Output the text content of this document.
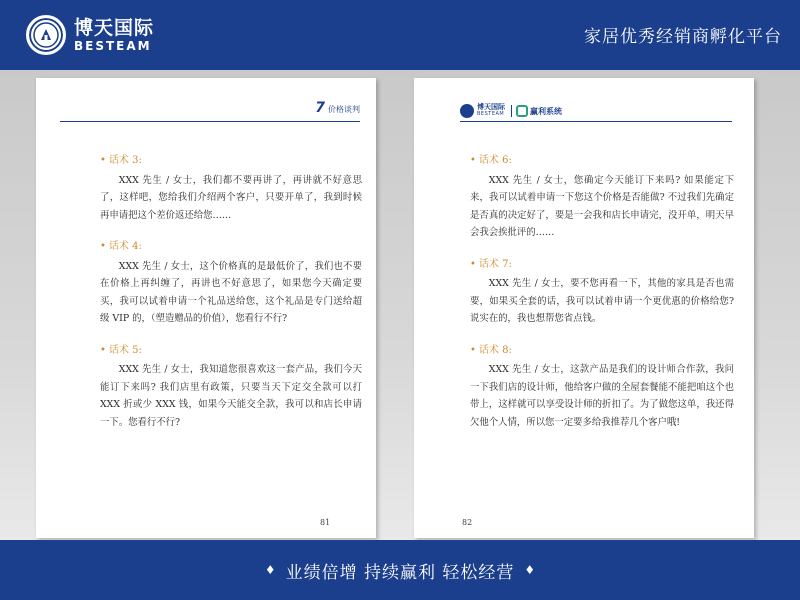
博天国际
BESTEAM	家居优秀经销商孵化平台
7 价格谈判
• 话术 3:

XXX 先生 / 女士，我们都不要再讲了，再讲就不好意思了，这样吧，您给我们介绍两个客户，只要开单了，我到时候再申请把这个差价返还给您……

• 话术 4:

XXX 先生 / 女士，这个价格真的是最低价了，我们也不要在价格上再纠缠了，再讲也不好意思了，如果您今天确定要买，我可以试着申请一个礼品送给您，这个礼品是专门送给超级 VIP 的，（塑造赠品的价值），您看行不行?

• 话术 5:

XXX 先生 / 女士，我知道您很喜欢这一套产品，我们今天能订下来吗? 我们店里有政策，只要当天下定交全款可以打 XXX 折或少 XXX 钱，如果今天能交全款，我可以和店长申请一下。您看行不行?

81
博天国际
BESTEAM	赢利系统
• 话术 6:

XXX 先生 / 女士，您确定今天能订下来吗? 如果能定下来，我可以试着申请一下您这个价格是否能做? 不过我们先确定是否真的决定好了，要是一会我和店长申请完，没开单，明天早会我会挨批评的……

• 话术 7:

XXX 先生 / 女士，要不您再看一下，其他的家具是否也需要，如果买全套的话，我可以试着申请一个更优惠的价格给您? 说实在的，我也想帮您省点钱。

• 话术 8:

XXX 先生 / 女士，这款产品是我们的设计师合作款，我问一下我们店的设计师，他给客户做的全屋套餐能不能把咱这个也带上，这样就可以享受设计师的折扣了。为了做您这单，我还得欠他个人情，所以您一定要多给我推荐几个客户哦!

82
♦ 业绩倍增 持续赢利 轻松经营 ♦
